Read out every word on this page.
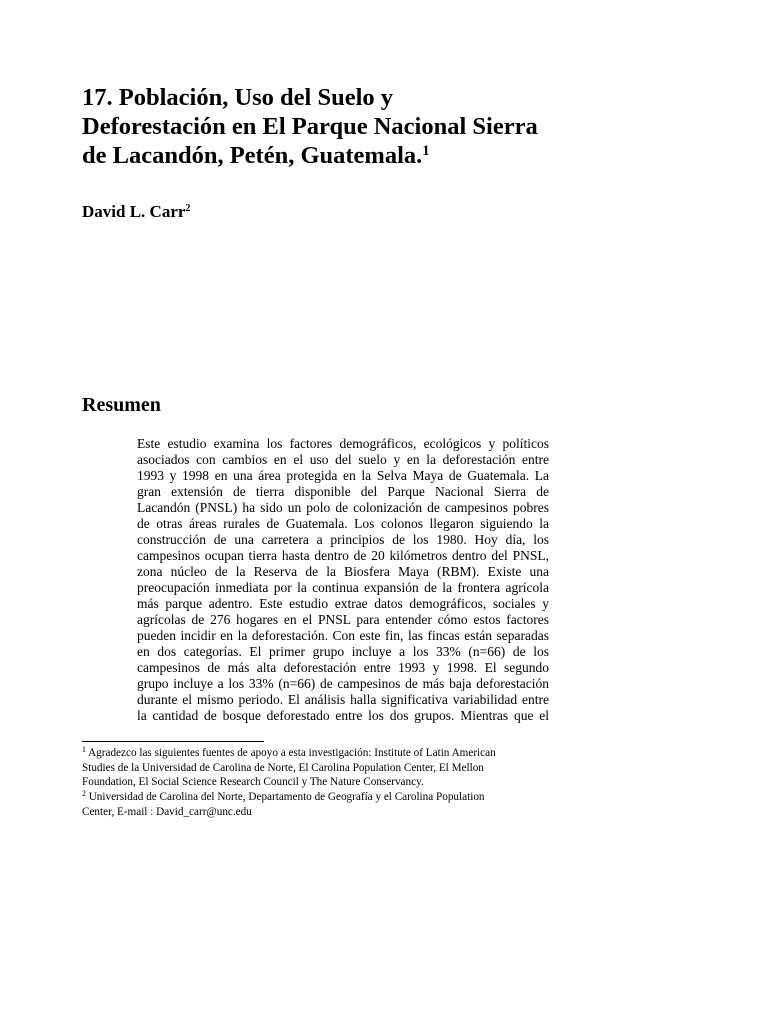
17. Población, Uso del Suelo y
Deforestación en El Parque Nacional Sierra
de Lacandón, Petén, Guatemala.$^1$
David L. Carr$^2$
Resumen
Este estudio examina los factores demográficos, ecológicos y políticos
asociados con cambios en el uso del suelo y en la deforestación entre
1993 y 1998 en una área protegida en la Selva Maya de Guatemala. La
gran extensión de tierra disponible del Parque Nacional Sierra de
Lacandón (PNSL) ha sido un polo de colonización de campesinos pobres
de otras áreas rurales de Guatemala. Los colonos llegaron siguiendo la
construcción de una carretera a principios de los 1980. Hoy día, los
campesinos ocupan tierra hasta dentro de 20 kilómetros dentro del PNSL,
zona núcleo de la Reserva de la Biosfera Maya (RBM). Existe una
preocupación inmediata por la continua expansión de la frontera agrícola
más parque adentro. Este estudio extrae datos demográficos, sociales y
agrícolas de 276 hogares en el PNSL para entender cómo estos factores
pueden incidir en la deforestación. Con este fin, las fincas están separadas
en dos categorías. El primer grupo incluye a los 33% (n=66) de los
campesinos de más alta deforestación entre 1993 y 1998. El segundo
grupo incluye a los 33% (n=66) de campesinos de más baja deforestación
durante el mismo periodo. El análisis halla significativa variabilidad entre
la cantidad de bosque deforestado entre los dos grupos. Mientras que el
$^1$ Agradezco las siguientes fuentes de apoyo a esta investigación: Institute of Latin American
Studies de la Universidad de Carolina de Norte, El Carolina Population Center, El Mellon
Foundation, El Social Science Research Council y The Nature Conservancy.
$^2$ Universidad de Carolina del Norte, Departamento de Geografía y el Carolina Population
Center, E-mail : David_carr@unc.edu
